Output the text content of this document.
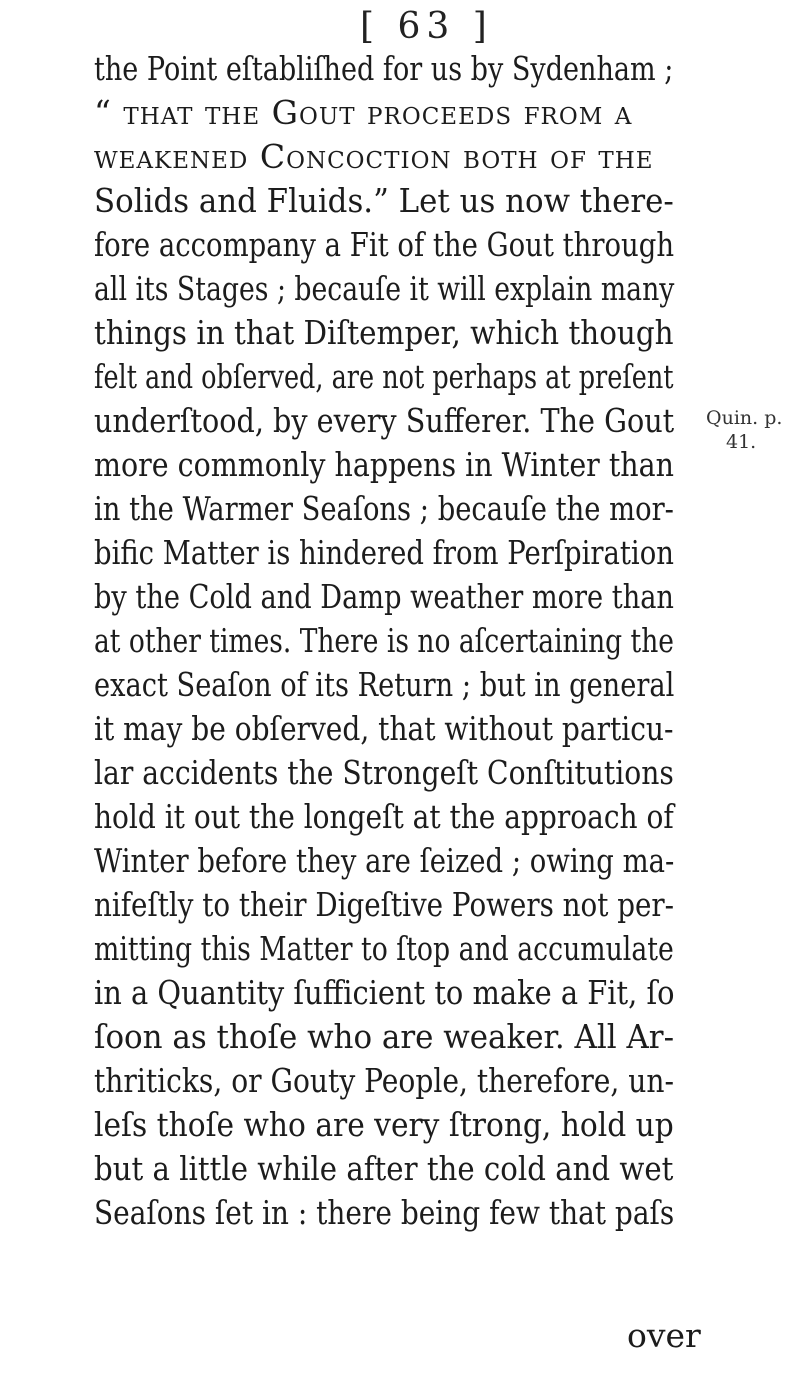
[ 63 ]
the Point eſtabliſhed for us by Sydenham ;
“ that the Gout proceeds from a
weakened Concoction both of the
Solids and Fluids.” Let us now there-
fore accompany a Fit of the Gout through
all its Stages ; becauſe it will explain many
things in that Diſtemper, which though
felt and obſerved, are not perhaps at preſent
underſtood, by every Sufferer. The Gout
more commonly happens in Winter than
in the Warmer Seaſons ; becauſe the mor-
bific Matter is hindered from Perſpiration
by the Cold and Damp weather more than
at other times. There is no aſcertaining the
exact Seaſon of its Return ; but in general
it may be obſerved, that without particu-
lar accidents the Strongeſt Conſtitutions
hold it out the longeſt at the approach of
Winter before they are ſeized ; owing ma-
nifeſtly to their Digeſtive Powers not per-
mitting this Matter to ſtop and accumulate
in a Quantity ſufficient to make a Fit, ſo
ſoon as thoſe who are weaker. All Ar-
thriticks, or Gouty People, therefore, un-
leſs thoſe who are very ſtrong, hold up
but a little while after the cold and wet
Seaſons ſet in : there being few that paſs
Quin. p.
41.
over
